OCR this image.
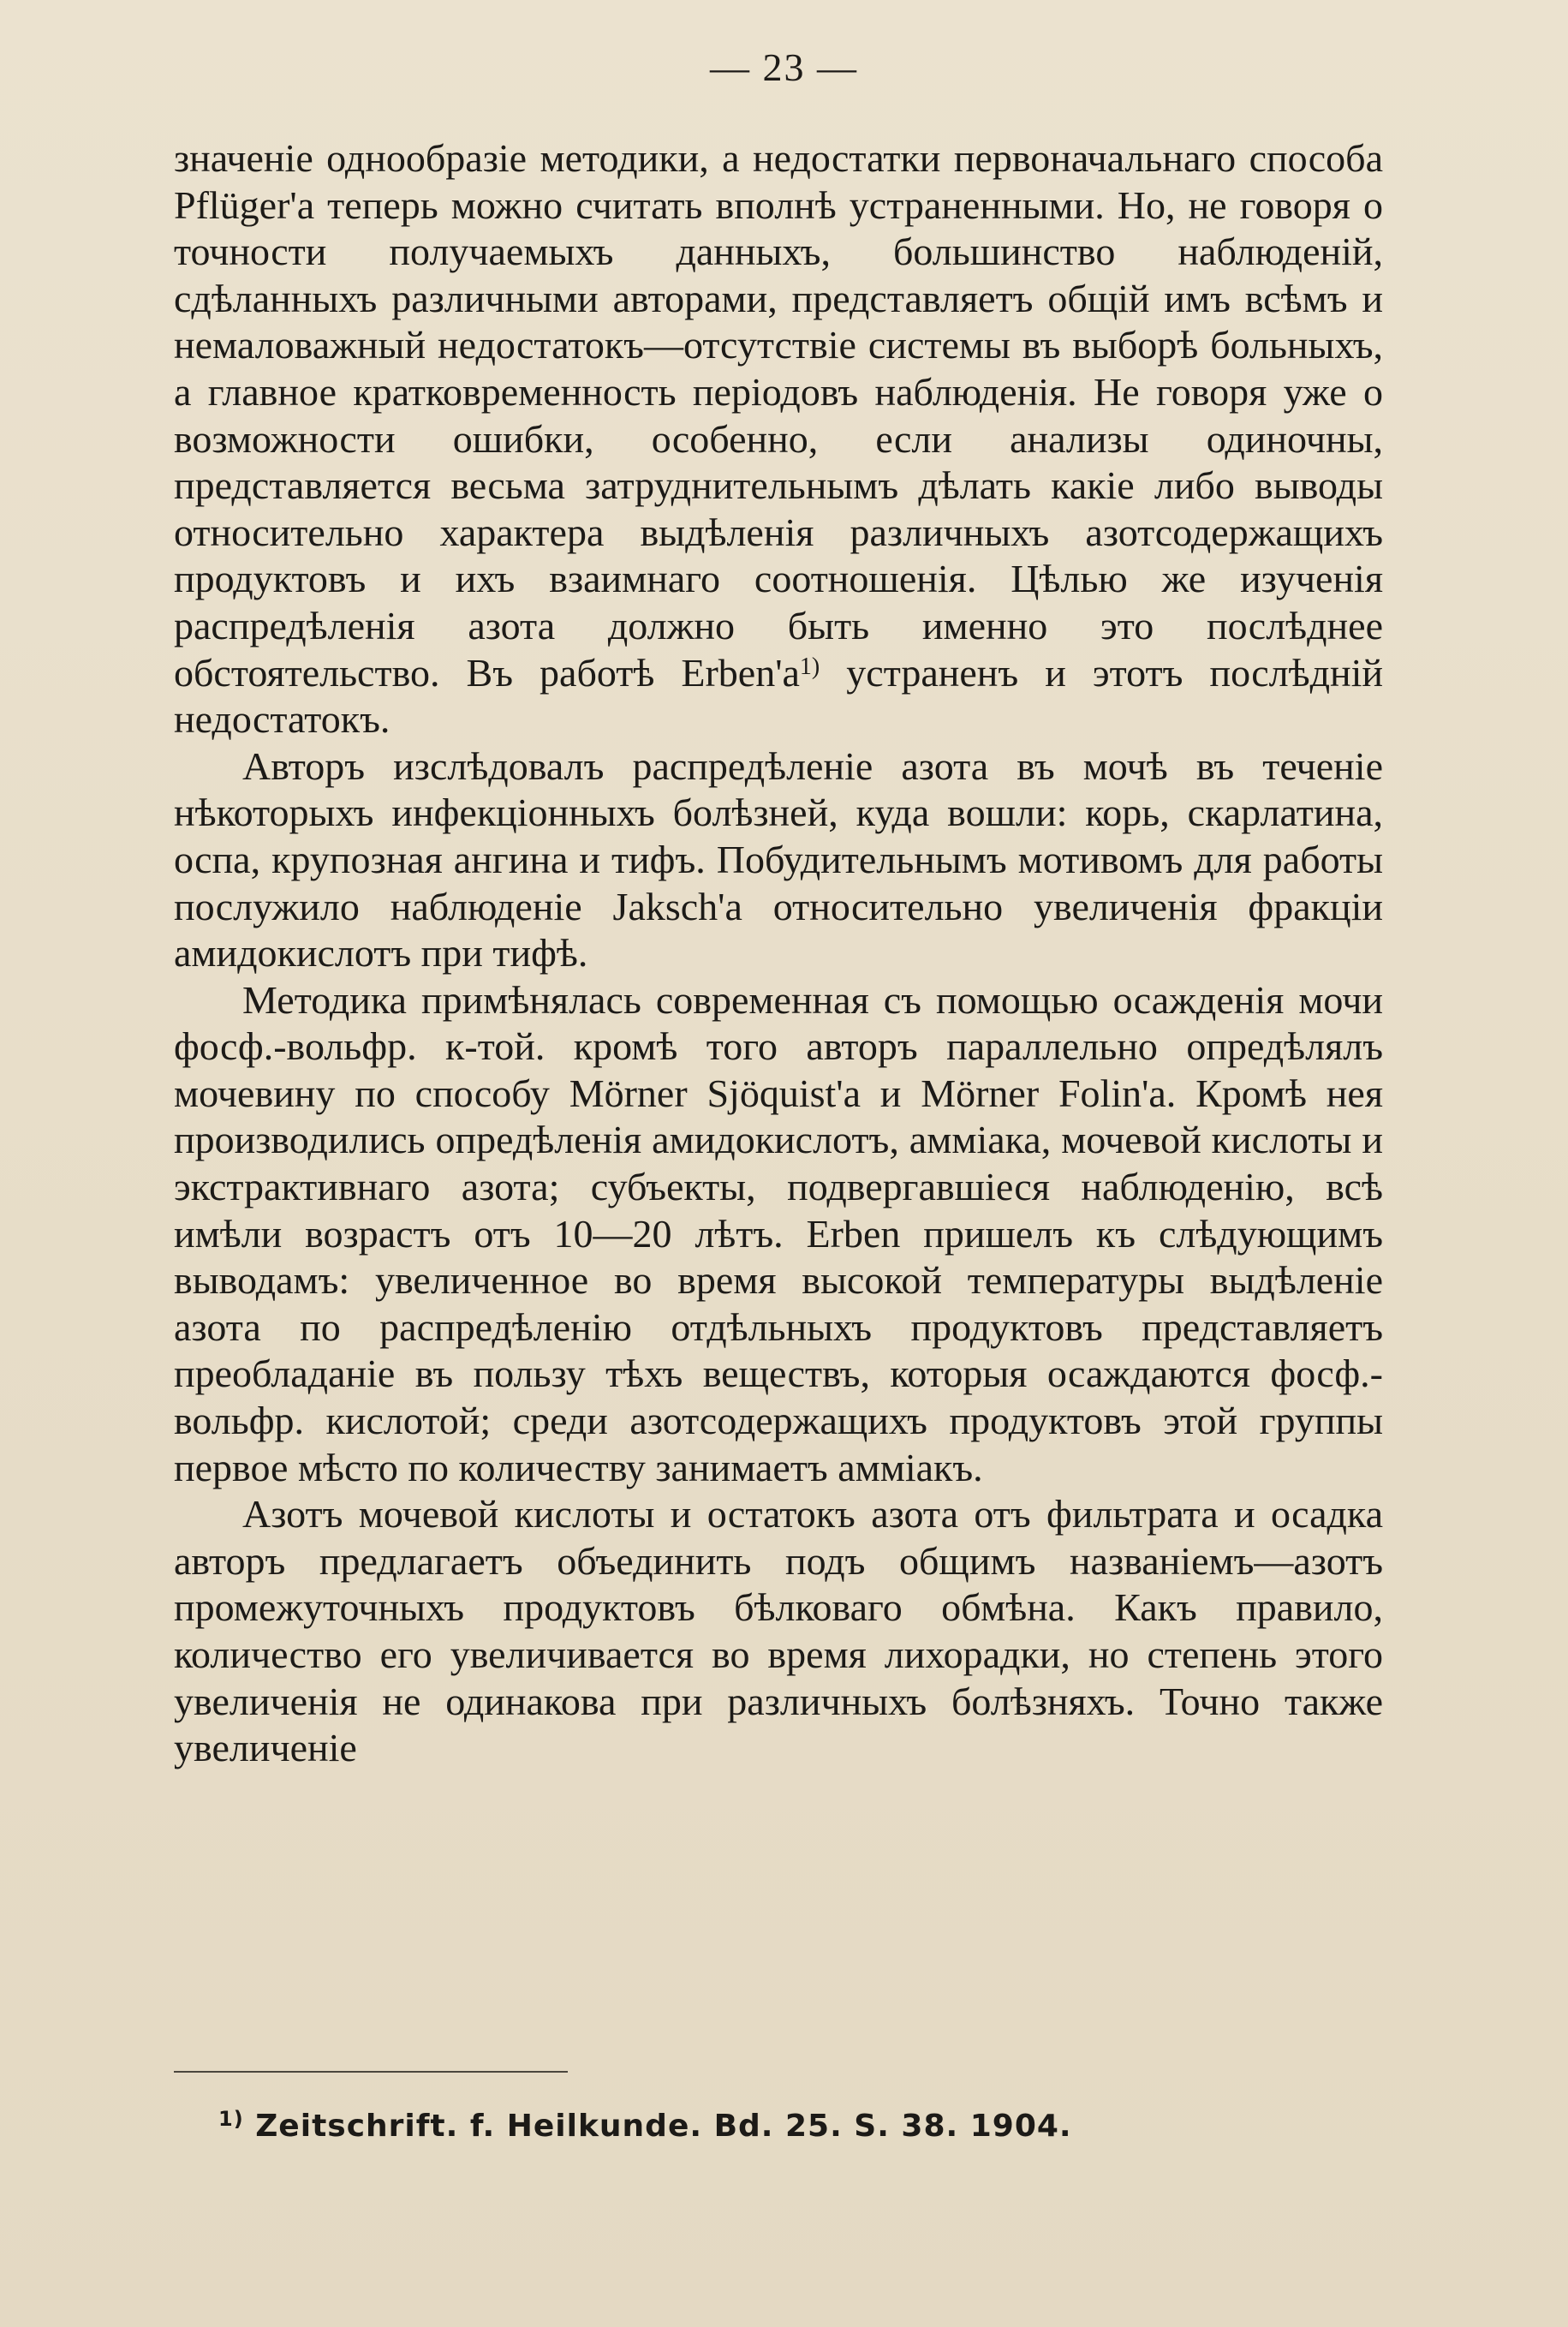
— 23 —

значеніе однообразіе методики, а недостатки первоначальнаго способа Pflüger'а теперь можно считать вполнѣ устраненными. Но, не говоря о точности получаемыхъ данныхъ, большинство наблюденій, сдѣланныхъ различными авторами, представляетъ общій имъ всѣмъ и немаловажный недостатокъ—отсутствіе системы въ выборѣ больныхъ, а главное кратковременность періодовъ наблюденія. Не говоря уже о возможности ошибки, особенно, если анализы одиночны, представляется весьма затруднительнымъ дѣлать какіе либо выводы относительно характера выдѣленія различныхъ азотсодержащихъ продуктовъ и ихъ взаимнаго соотношенія. Цѣлью же изученія распредѣленія азота должно быть именно это послѣднее обстоятельство. Въ работѣ $Erben'а^{1)}$ устраненъ и этотъ послѣдній недостатокъ.

Авторъ изслѣдовалъ распредѣленіе азота въ мочѣ въ теченіе нѣкоторыхъ инфекціонныхъ болѣзней, куда вошли: корь, скарлатина, оспа, крупозная ангина и тифъ. Побудительнымъ мотивомъ для работы послужило наблюденіе Jaksch'а относительно увеличенія фракціи амидокислотъ при тифѣ.

Методика примѣнялась современная съ помощью осажденія мочи фосф.-вольфр. к-той. кромѣ того авторъ параллельно опредѣлялъ мочевину по способу Mörner Sjöquist'а и Mörner Folin'а. Кромѣ нея производились опредѣленія амидокислотъ, амміака, мочевой кислоты и экстрактивнаго азота; субъекты, подвергавшіеся наблюденію, всѣ имѣли возрастъ отъ 10—20 лѣтъ. Erben пришелъ къ слѣдующимъ выводамъ: увеличенное во время высокой температуры выдѣленіе азота по распредѣленію отдѣльныхъ продуктовъ представляетъ преобладаніе въ пользу тѣхъ веществъ, которыя осаждаются фосф.-вольфр. кислотой; среди азотсодержащихъ продуктовъ этой группы первое мѣсто по количеству занимаетъ амміакъ.

Азотъ мочевой кислоты и остатокъ азота отъ фильтрата и осадка авторъ предлагаетъ объединить подъ общимъ названіемъ—азотъ промежуточныхъ продуктовъ бѣлковаго обмѣна. Какъ правило, количество его увеличивается во время лихорадки, но степень этого увеличенія не одинакова при различныхъ болѣзняхъ. Точно также увеличеніе

$^{1)}$ Zeitschrift. f. Heilkunde. Bd. 25. S. 38. 1904.
